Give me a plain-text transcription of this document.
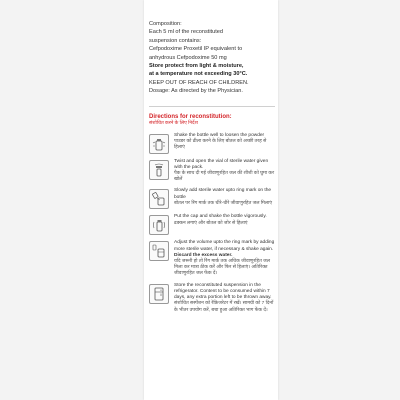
Composition:

Each 5 ml of the reconstituted

suspension contains:

Cefpodoxime Proxetil IP equivalent to

anhydrous Cefpodoxime 50 mg

Store protect from light & moisture,

at a temperature not exceeding 30°C.

KEEP OUT OF REACH OF CHILDREN.

Dosage: As directed by the Physician.

Directions for reconstitution:

संशोधित करने के लिए निर्देश

Shake the bottle well to loosen the powder
पाउडर को ढीला करने के लिए बोतल को अच्छी तरह से हिलाएं
Twist and open the vial of sterile water given with the pack.
पैक के साथ दी गई जीवाणुरहित जल की शीशी को घुमा कर खोलें
Slowly add sterile water upto ring mark on the bottle
बोतल पर रिंग मार्क तक धीरे-धीरे जीवाणुरहित जल मिलाएं
Put the cap and shake the bottle vigorously.
ढक्कन लगाएं और बोतल को जोर से हिलाएं
Adjust the volume upto the ring mark by adding more sterile water, if necessary & shake again.
Discard the excess water.
यदि जरूरी हो तो रिंग मार्क तक अधिक जीवाणुरहित जल मिला कर मात्रा ठीक करें और फिर से हिलाएं। अतिरिक्त जीवाणुरहित जल फेंक दें।
Store the reconstituted suspension in the refrigerator. Content to be consumed within 7 days, any extra portion left to be thrown away.
संशोधित सस्पेंशन को रेफ्रिजरेटर में रखें। सामग्री को 7 दिनों के भीतर उपयोग करें, बचा हुआ अतिरिक्त भाग फेंक दें।
